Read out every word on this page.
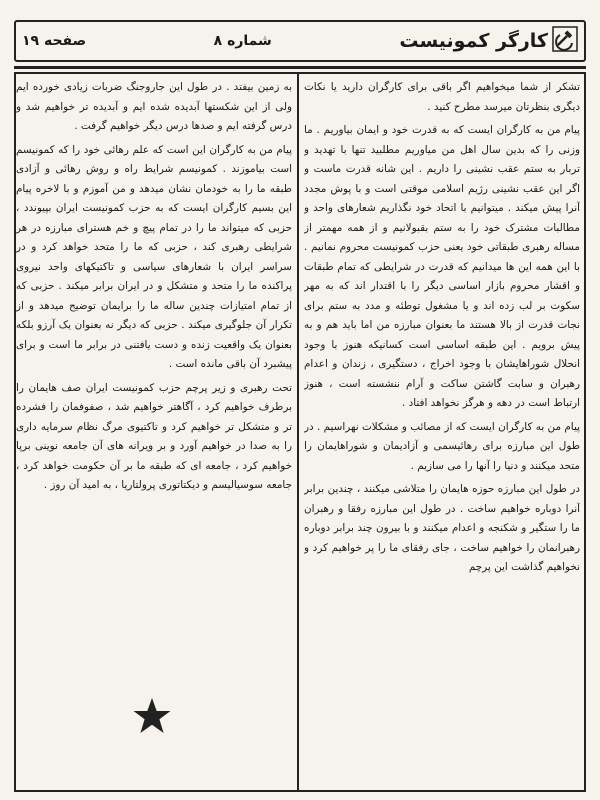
کارگر کمونیست
شماره ۸
صفحه ۱۹

تشکر از شما میخواهیم اگر باقی برای کارگران دارید یا نکات دیگری بنظرتان میرسد مطرح کنید .

پیام من به کارگران ایست که به قدرت خود و ایمان بیاوریم . ما وزنی را که بدین سال اهل من میاوریم مطلبید تنها با تهدید و تربار به ستم عقب نشینی را داریم . این شانه قدرت ماست و اگر این عقب نشینی رژیم اسلامی موقتی است و با پوش مجدد آنرا پیش میکند . میتوانیم با اتحاد خود نگذاریم شعارهای واحد و مطالبات مشترک خود را به ستم بقبولانیم و از همه مهمتر از مساله رهبری طبقاتی خود یعنی حزب کمونیست محروم نمانیم . با این همه این ها میدانیم که قدرت در شرایطی که تمام طبقات و اقشار محروم بازار اساسی دیگر را با اقتدار اند که به مهر سکوت بر لب زده اند و یا مشغول توطئه و مدد به ستم برای نجات قدرت از بالا هستند ما بعنوان مبارزه من اما باید هم و به پیش برویم . این طبقه اساسی است کسانیکه هنوز با وجود انحلال شوراهایشان با وجود اخراج ، دستگیری ، زندان و اعدام رهبران و سابت گاشتن ساکت و آرام ننشسته است ، هنوز ارتباط است در دهه و هرگز نخواهد افتاد .

پیام من به کارگران ایست که از مصائب و مشکلات نهراسیم . در طول این مبارزه برای رهائیسمی و آزادیمان و شوراهایمان را متحد میکنند و دنیا را آنها را می سازیم .

در طول این مبارزه حوزه هایمان را متلاشی میکنند ، چندین برابر آنرا دوباره خواهیم ساخت . در طول این مبارزه رفقا و رهبران ما را ستگیر و شکنجه و اعدام میکنند و با بیرون چند برابر دوباره رهبرانمان را خواهیم ساخت ، جای رفقای ما را پر خواهیم کرد و نخواهیم گذاشت این پرچم

به زمین بیفتد . در طول این جاروجنگ ضربات زیادی خورده ایم ولی از این شکستها آبدیده شده ایم و آبدیده تر خواهیم شد و درس گرفته ایم و صدها درس دیگر خواهیم گرفت .

پیام من به کارگران این است که علم رهائی خود را که کمونیسم است بیاموزند . کمونیسم شرایط راه و روش رهائی و آزادی طبقه ما را به خودمان نشان میدهد و من آموزم و با لاخره پیام این بسیم کارگران ایست که به حزب کمونیست ایران بپیوندد ، حزبی که میتواند ما را در تمام پیچ و خم هسترای مبارزه در هر شرایطی رهبری کند ، حزبی که ما را متحد خواهد کرد و در سراسر ایران با شعارهای سیاسی و تاکتیکهای واحد نیروی پراکنده ما را متحد و متشکل و در ایران برابر میکند . حزبی که از تمام امتیازات چندین ساله ما را برایمان توضیح میدهد و از تکرار آن جلوگیری میکند . حزبی که دیگر نه بعنوان یک آرزو بلکه بعنوان یک واقعیت زنده و دست یافتنی در برابر ما است و برای پیشبرد آن باقی مانده است .

تحت رهبری و زیر پرچم حزب کمونیست ایران صف هایمان را برطرف خواهیم کرد ، آگاهتر خواهیم شد ، صفوفمان را فشرده تر و متشکل تر خواهیم کرد و تاکتیوی مرگ نظام سرمایه داری را به صدا در خواهیم آورد و بر ویرانه های آن جامعه نوینی برپا خواهیم کرد ، جامعه ای که طبقه ما بر آن حکومت خواهد کرد ، جامعه سوسیالیسم و دیکتاتوری پرولتاریا ، به امید آن روز .
